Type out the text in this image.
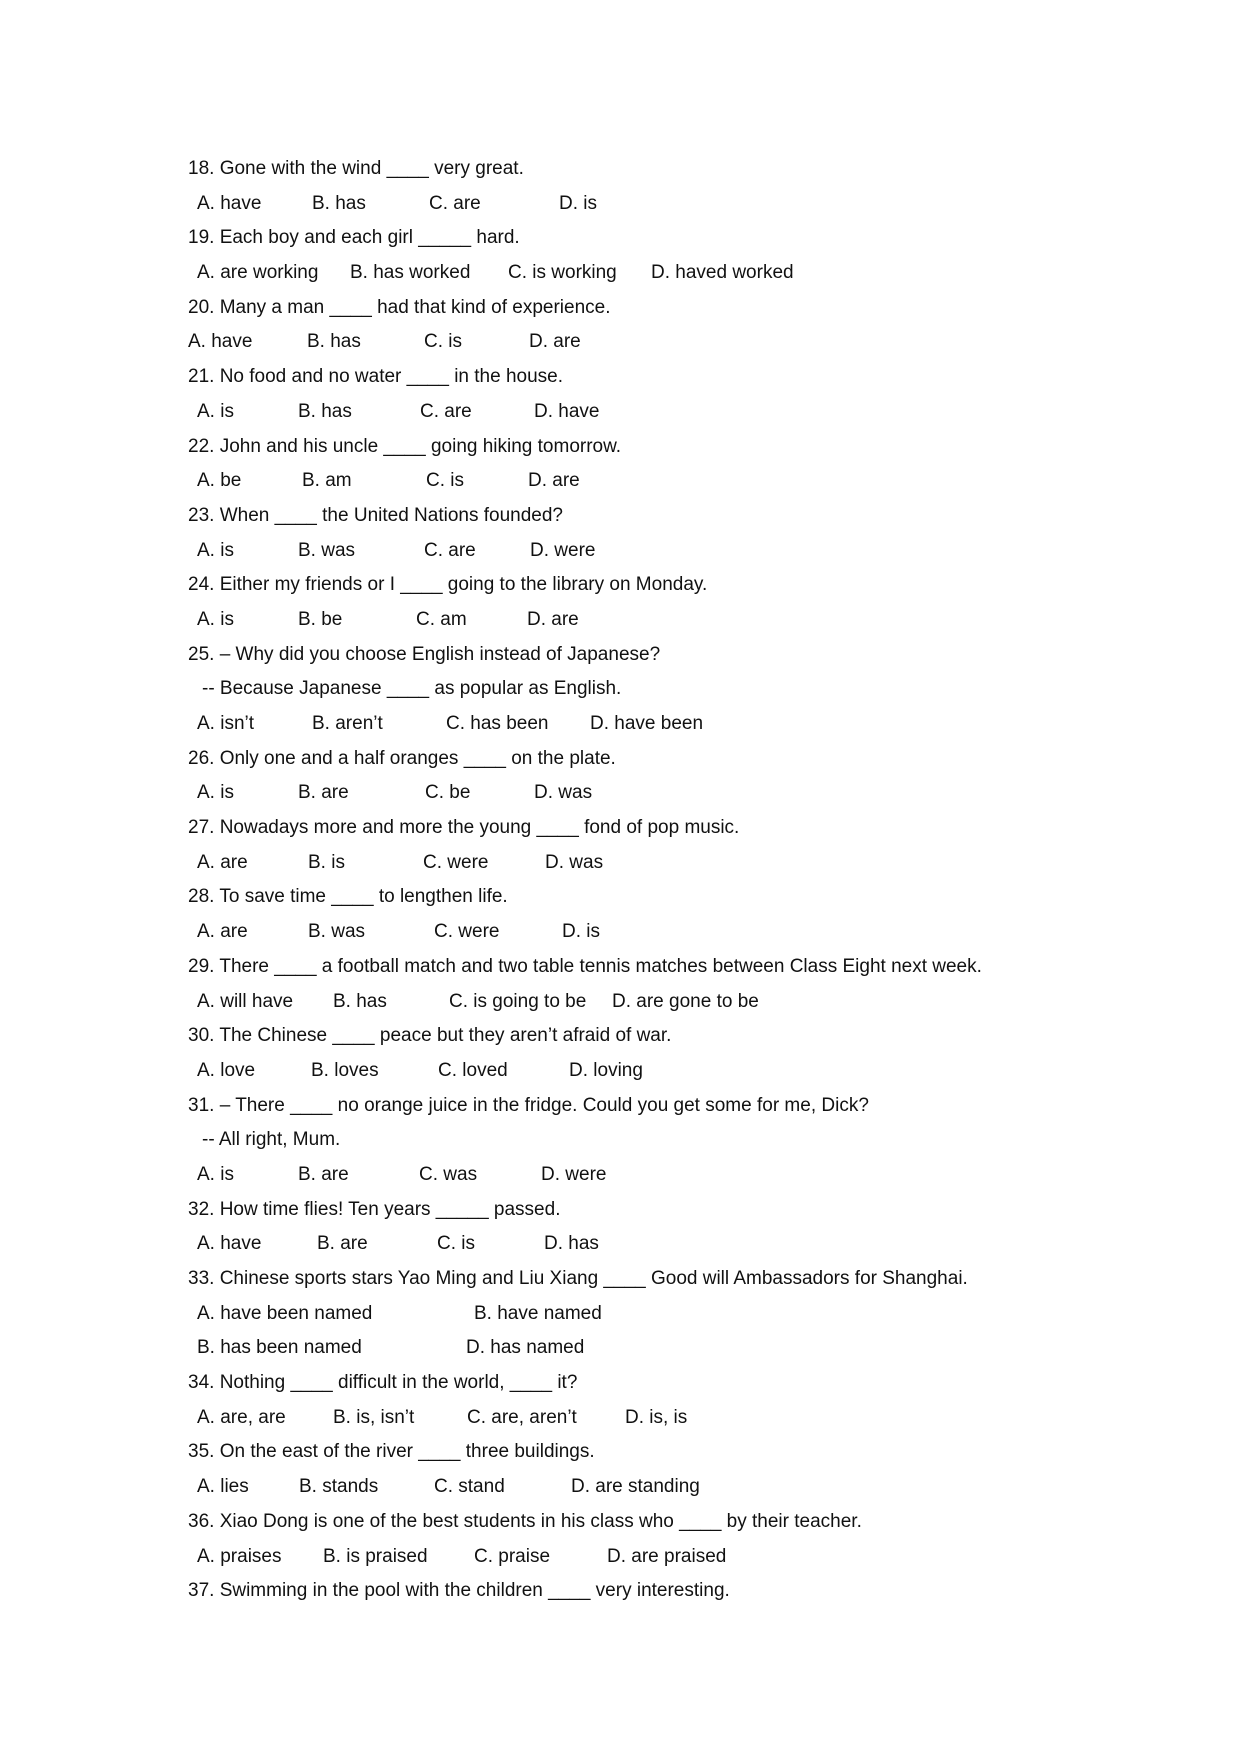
18. Gone with the wind ____ very great.
A. have	B. has	C. are	D. is
19. Each boy and each girl _____ hard.
A. are working B. has worked C. is working D. haved worked
20. Many a man ____ had that kind of experience.
A. have	B. has	C. is	D. are
21. No food and no water ____ in the house.
A. is	B. has	C. are	D. have
22. John and his uncle ____ going hiking tomorrow.
A. be	B. am	C. is	D. are
23. When ____ the United Nations founded?
A. is	B. was	C. are	D. were
24. Either my friends or I ____ going to the library on Monday.
A. is	B. be	C. am	D. are
25. – Why did you choose English instead of Japanese?
-- Because Japanese ____ as popular as English.
A. isn’t	B. aren’t	C. has been D. have been
26. Only one and a half oranges ____ on the plate.
A. is	B. are	C. be	D. was
27. Nowadays more and more the young ____ fond of pop music.
A. are	B. is	C. were	D. was
28. To save time ____ to lengthen life.
A. are	B. was	C. were	D. is
29. There ____ a football match and two table tennis matches between Class Eight next week.
A. will have B. has	C. is going to be D. are gone to be
30. The Chinese ____ peace but they aren’t afraid of war.
A. love	B. loves	C. loved	D. loving
31. – There ____ no orange juice in the fridge. Could you get some for me, Dick?
-- All right, Mum.
A. is	B. are	C. was	D. were
32. How time flies! Ten years _____ passed.
A. have	B. are	C. is	D. has
33. Chinese sports stars Yao Ming and Liu Xiang ____ Good will Ambassadors for Shanghai.
A. have been named	B. have named
B. has been named	D. has named
34. Nothing ____ difficult in the world, ____ it?
A. are, are B. is, isn’t	C. are, aren’t	D. is, is
35. On the east of the river ____ three buildings.
A. lies	B. stands	C. stand	D. are standing
36. Xiao Dong is one of the best students in his class who ____ by their teacher.
A. praises B. is praised C. praise	D. are praised
37. Swimming in the pool with the children ____ very interesting.
